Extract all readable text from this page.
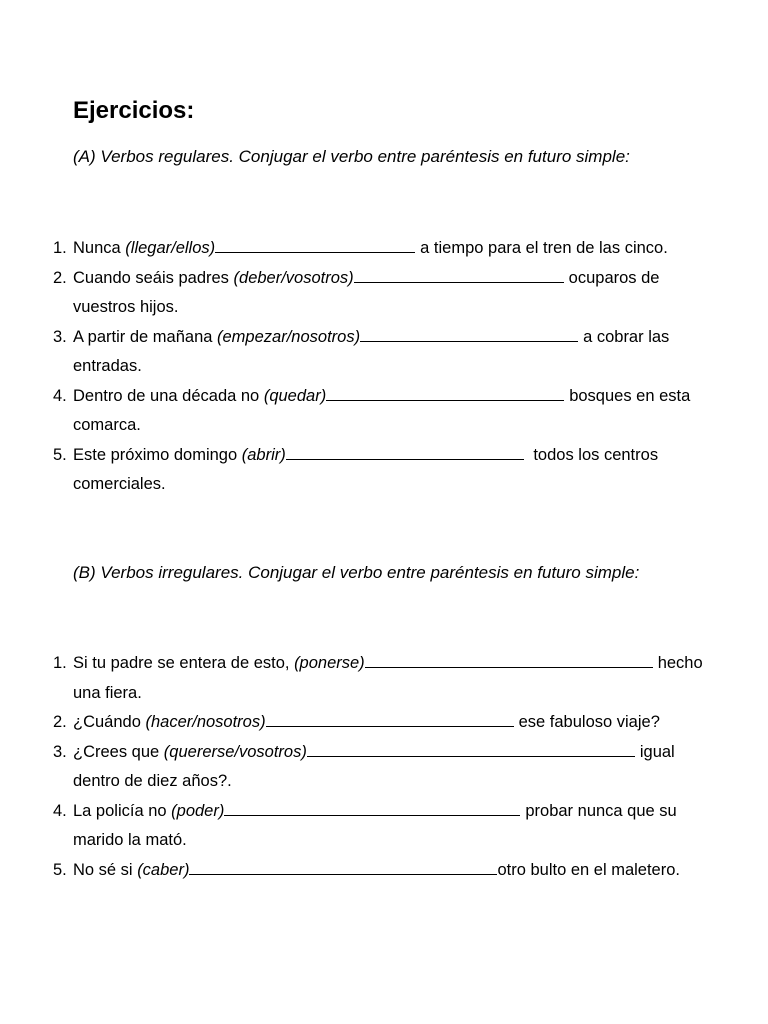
Ejercicios:

(A) Verbos regulares. Conjugar el verbo entre paréntesis en futuro simple:

1. Nunca (llegar/ellos)	a tiempo para el tren de las cinco.
2. Cuando seáis padres (deber/vosotros)	ocuparos de vuestros hijos.
3. A partir de mañana (empezar/nosotros)	a cobrar las entradas.
4. Dentro de una década no (quedar)	bosques en esta comarca.
5. Este próximo domingo (abrir)	todos los centros comerciales.

(B) Verbos irregulares. Conjugar el verbo entre paréntesis en futuro simple:

1. Si tu padre se entera de esto, (ponerse)	hecho una fiera.
2. ¿Cuándo (hacer/nosotros)	ese fabuloso viaje?
3. ¿Crees que (quererse/vosotros)	igual dentro de diez años?.
4. La policía no (poder)	probar nunca que su marido la mató.
5. No sé si (caber)	otro bulto en el maletero.
